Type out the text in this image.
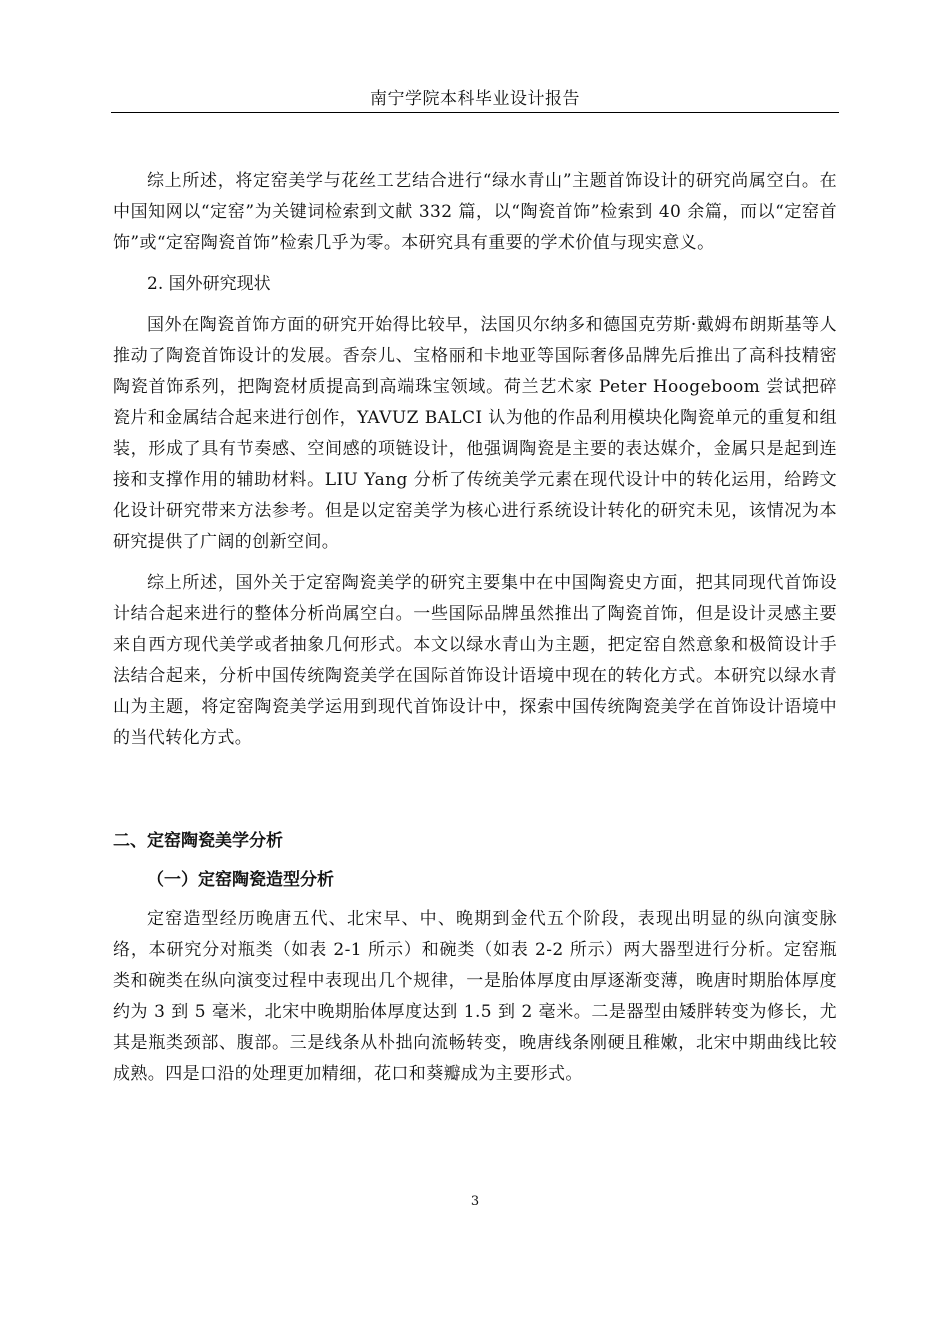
南宁学院本科毕业设计报告

综上所述，将定窑美学与花丝工艺结合进行“绿水青山”主题首饰设计的研究尚属空白。在中国知网以“定窑”为关键词检索到文献 332 篇，以“陶瓷首饰”检索到 40 余篇，而以“定窑首饰”或“定窑陶瓷首饰”检索几乎为零。本研究具有重要的学术价值与现实意义。

2. 国外研究现状

国外在陶瓷首饰方面的研究开始得比较早，法国贝尔纳多和德国克劳斯·戴姆布朗斯基等人推动了陶瓷首饰设计的发展。香奈儿、宝格丽和卡地亚等国际奢侈品牌先后推出了高科技精密陶瓷首饰系列，把陶瓷材质提高到高端珠宝领域。荷兰艺术家 Peter Hoogeboom 尝试把碎瓷片和金属结合起来进行创作，YAVUZ BALCI 认为他的作品利用模块化陶瓷单元的重复和组装，形成了具有节奏感、空间感的项链设计，他强调陶瓷是主要的表达媒介，金属只是起到连接和支撑作用的辅助材料。LIU Yang 分析了传统美学元素在现代设计中的转化运用，给跨文化设计研究带来方法参考。但是以定窑美学为核心进行系统设计转化的研究未见，该情况为本研究提供了广阔的创新空间。

综上所述，国外关于定窑陶瓷美学的研究主要集中在中国陶瓷史方面，把其同现代首饰设计结合起来进行的整体分析尚属空白。一些国际品牌虽然推出了陶瓷首饰，但是设计灵感主要来自西方现代美学或者抽象几何形式。本文以绿水青山为主题，把定窑自然意象和极简设计手法结合起来，分析中国传统陶瓷美学在国际首饰设计语境中现在的转化方式。本研究以绿水青山为主题，将定窑陶瓷美学运用到现代首饰设计中，探索中国传统陶瓷美学在首饰设计语境中的当代转化方式。

二、定窑陶瓷美学分析

（一）定窑陶瓷造型分析

定窑造型经历晚唐五代、北宋早、中、晚期到金代五个阶段，表现出明显的纵向演变脉络，本研究分对瓶类（如表 2-1 所示）和碗类（如表 2-2 所示）两大器型进行分析。定窑瓶类和碗类在纵向演变过程中表现出几个规律，一是胎体厚度由厚逐渐变薄，晚唐时期胎体厚度约为 3 到 5 毫米，北宋中晚期胎体厚度达到 1.5 到 2 毫米。二是器型由矮胖转变为修长，尤其是瓶类颈部、腹部。三是线条从朴拙向流畅转变，晚唐线条刚硬且稚嫩，北宋中期曲线比较成熟。四是口沿的处理更加精细，花口和葵瓣成为主要形式。

3
